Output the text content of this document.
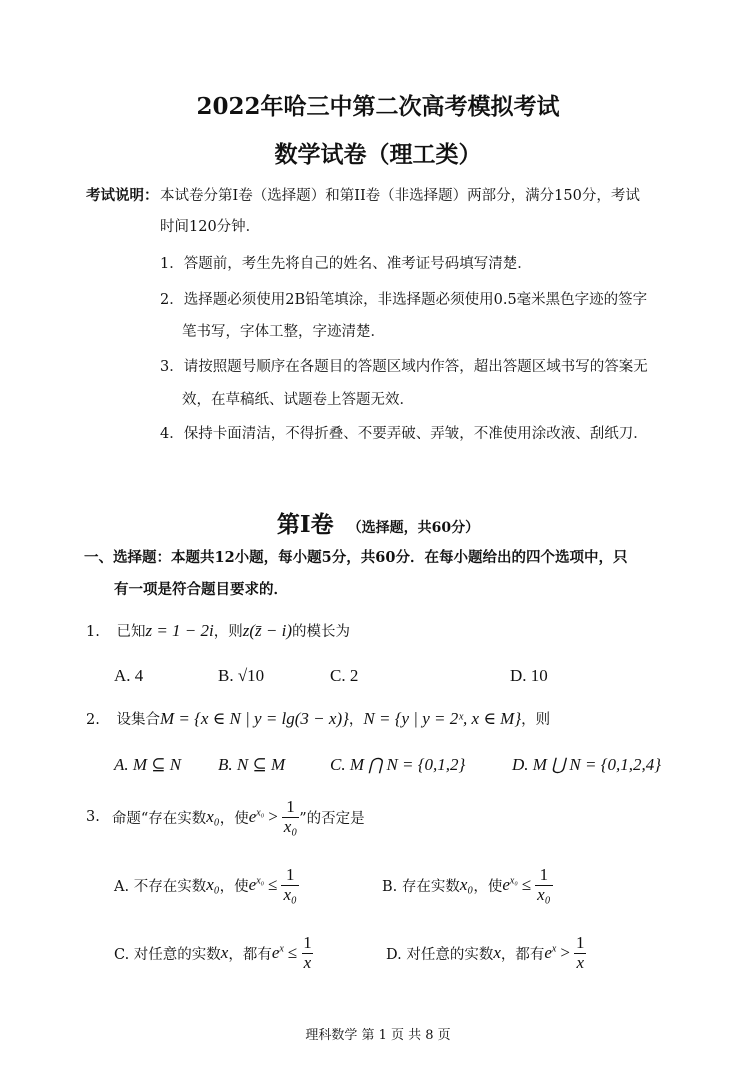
2022年哈三中第二次高考模拟考试
数学试卷（理工类）
考试说明： 本试卷分第I卷（选择题）和第II卷（非选择题）两部分，满分150分，考试
时间120分钟．
1．答题前，考生先将自己的姓名、准考证号码填写清楚．
2．选择题必须使用2B铅笔填涂，非选择题必须使用0.5毫米黑色字迹的签字
笔书写，字体工整，字迹清楚．
3．请按照题号顺序在各题目的答题区域内作答，超出答题区域书写的答案无
效，在草稿纸、试题卷上答题无效．
4．保持卡面清洁，不得折叠、不要弄破、弄皱，不准使用涂改液、刮纸刀．
第I卷 （选择题，共60分）
一、选择题：本题共12小题，每小题5分，共60分．在每小题给出的四个选项中，只
有一项是符合题目要求的．
1. 已知z = 1 − 2i，则z(z̄ − i)的模长为
A. 4	B. √10	C. 2	D. 10
2. 设集合M = {x ∈ N | y = lg(3 − x)}，N = {y | y = 2ˣ, x ∈ M}，则
A. M ⊆ N B. N ⊆ M	C. M ⋂ N = {0,1,2}	D. M ⋃ N = {0,1,2,4}
3. 命题“存在实数 x₀ ，使 $e^{x_0} > \frac{1}{\text{x₀}}$ ”的否定是
A. 不存在实数 x₀ ，使 $e^{x_0} \le \frac{1}{\text{x₀}}$	B. 存在实数 x₀ ，使 $e^{x_0} \le \frac{1}{\text{x₀}}$
C. 对任意的实数 x ，都有 $e^x \le \frac{1}{x}$	D. 对任意的实数 x ，都有 $e^x > \frac{1}{x}$
理科数学 第 1 页 共 8 页
